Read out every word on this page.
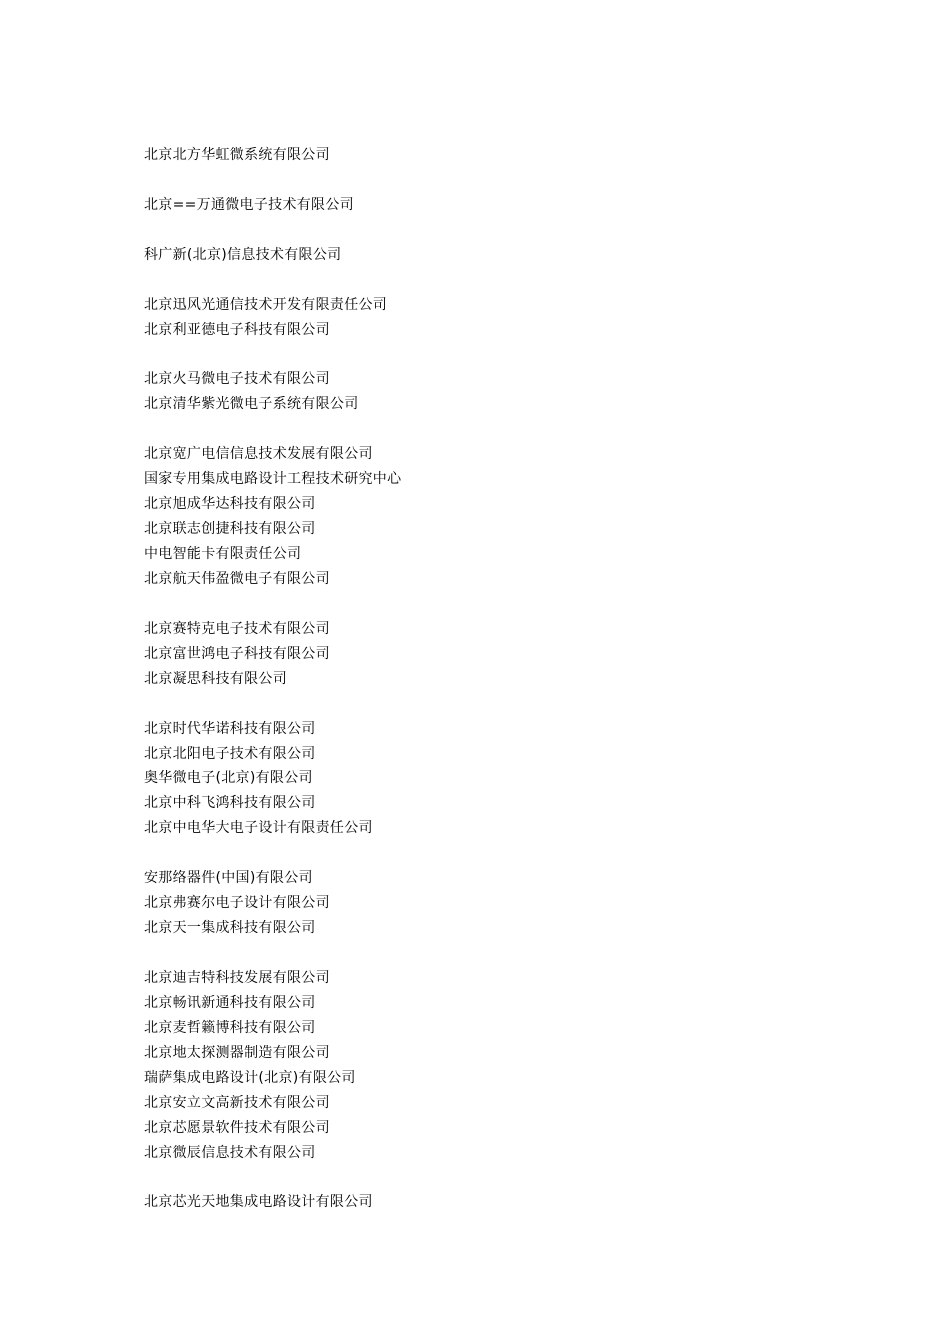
北京北方华虹微系统有限公司
北京==万通微电子技术有限公司
科广新(北京)信息技术有限公司
北京迅风光通信技术开发有限责任公司
北京利亚德电子科技有限公司
北京火马微电子技术有限公司
北京清华紫光微电子系统有限公司
北京宽广电信信息技术发展有限公司
国家专用集成电路设计工程技术研究中心
北京旭成华达科技有限公司
北京联志创捷科技有限公司
中电智能卡有限责任公司
北京航天伟盈微电子有限公司
北京赛特克电子技术有限公司
北京富世鸿电子科技有限公司
北京凝思科技有限公司
北京时代华诺科技有限公司
北京北阳电子技术有限公司
奥华微电子(北京)有限公司
北京中科飞鸿科技有限公司
北京中电华大电子设计有限责任公司
安那络器件(中国)有限公司
北京弗赛尔电子设计有限公司
北京天一集成科技有限公司
北京迪吉特科技发展有限公司
北京畅讯新通科技有限公司
北京麦哲籁博科技有限公司
北京地太探测器制造有限公司
瑞萨集成电路设计(北京)有限公司
北京安立文高新技术有限公司
北京芯愿景软件技术有限公司
北京微辰信息技术有限公司
北京芯光天地集成电路设计有限公司
